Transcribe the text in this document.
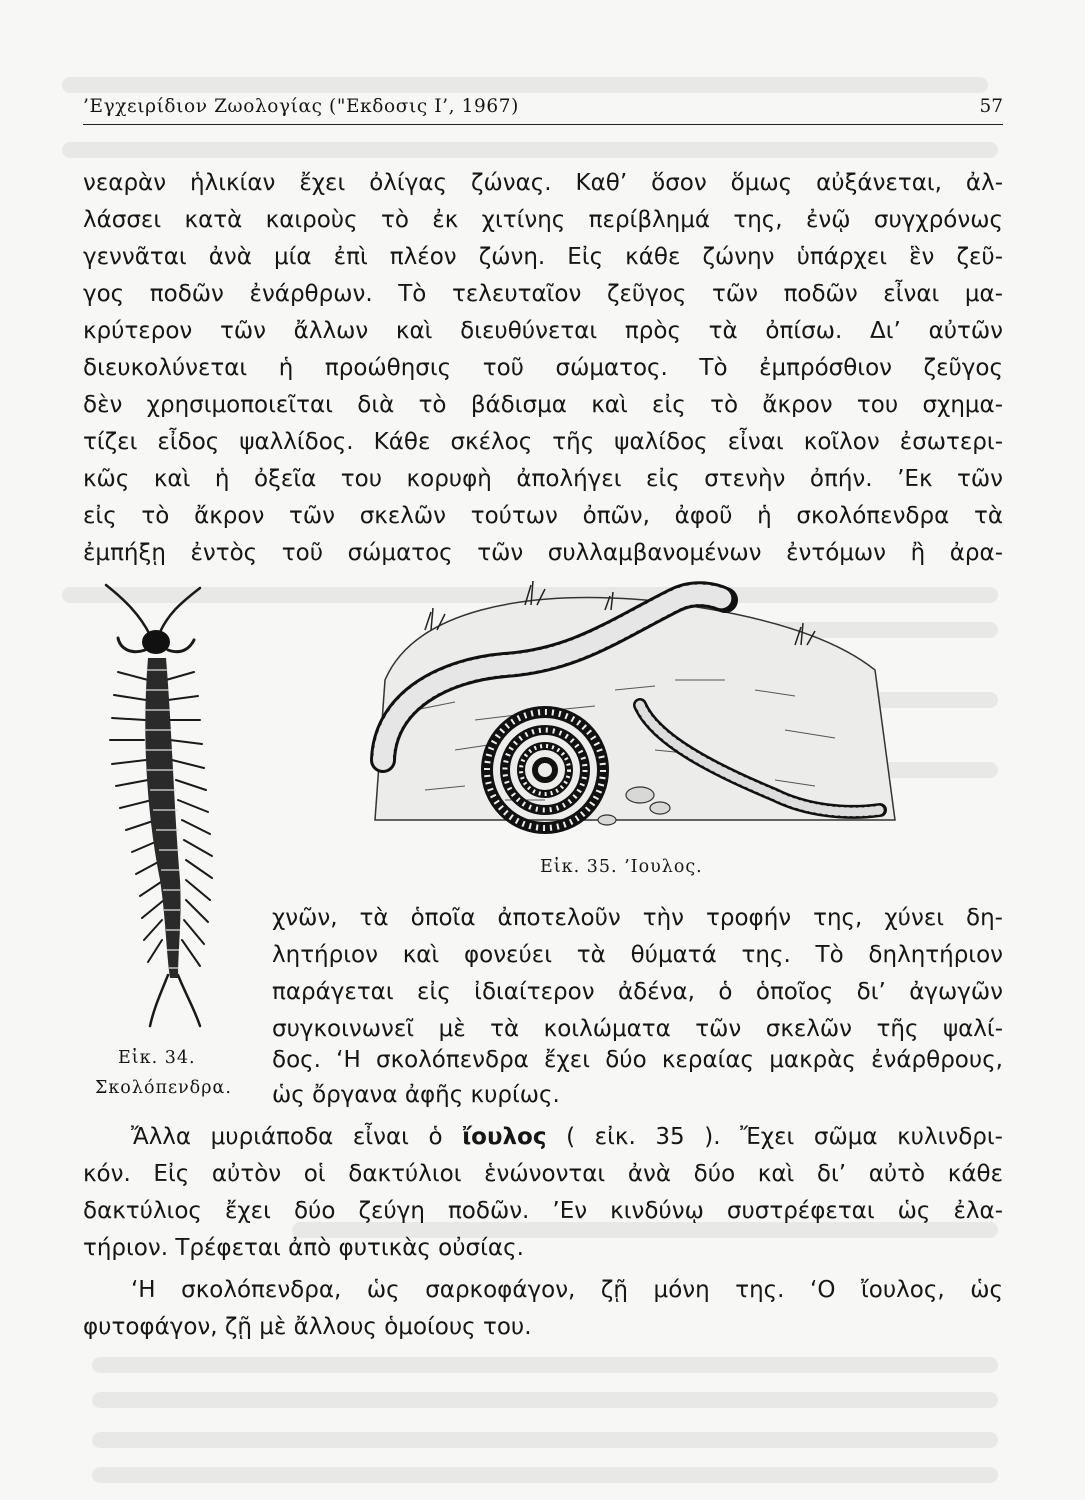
’Εγχειρίδιον Ζωολογίας ("Εκδοσις Ι’, 1967)	57
νεαρὰν ἡλικίαν ἔχει ὀλίγας ζώνας. Καθ’ ὅσον ὅμως αὐξάνεται, ἀλ-
λάσσει κατὰ καιροὺς τὸ ἐκ χιτίνης περίβλημά της, ἐνῷ συγχρόνως
γεννᾶται ἀνὰ μία ἐπὶ πλέον ζώνη. Εἰς κάθε ζώνην ὑπάρχει ἓν ζεῦ-
γος ποδῶν ἐνάρθρων. Τὸ τελευταῖον ζεῦγος τῶν ποδῶν εἶναι μα-
κρύτερον τῶν ἄλλων καὶ διευθύνεται πρὸς τὰ ὀπίσω. Δι’ αὐτῶν
διευκολύνεται ἡ προώθησις τοῦ σώματος. Τὸ ἐμπρόσθιον ζεῦγος
δὲν χρησιμοποιεῖται διὰ τὸ βάδισμα καὶ εἰς τὸ ἄκρον του σχημα-
τίζει εἶδος ψαλλίδος. Κάθε σκέλος τῆς ψαλίδος εἶναι κοῖλον ἐσωτερι-
κῶς καὶ ἡ ὀξεῖα του κορυφὴ ἀπολήγει εἰς στενὴν ὀπήν. ’Εκ τῶν
εἰς τὸ ἄκρον τῶν σκελῶν τούτων ὀπῶν, ἀφοῦ ἡ σκολόπενδρα τὰ
ἐμπήξῃ ἐντὸς τοῦ σώματος τῶν συλλαμβανομένων ἐντόμων ἢ ἀρα-
Εἰκ. 35. ’Ιουλος.
χνῶν, τὰ ὁποῖα ἀποτελοῦν τὴν τροφήν της, χύνει δη-
λητήριον καὶ φονεύει τὰ θύματά της. Τὸ δηλητήριον
παράγεται εἰς ἰδιαίτερον ἀδένα, ὁ ὁποῖος δι’ ἀγωγῶν
συγκοινωνεῖ μὲ τὰ κοιλώματα τῶν σκελῶν τῆς ψαλί-
δος. ‘Η σκολόπενδρα ἔχει δύο κεραίας μακρὰς ἐνάρθρους,
ὡς ὄργανα ἀφῆς κυρίως.
Εἰκ. 34.
Σκολόπενδρα.
Ἄλλα μυριάποδα εἶναι ὁ ἴουλος ( εἰκ. 35 ). Ἔχει σῶμα κυλινδρι-
κόν. Εἰς αὐτὸν οἱ δακτύλιοι ἑνώνονται ἀνὰ δύο καὶ δι’ αὐτὸ κάθε
δακτύλιος ἔχει δύο ζεύγη ποδῶν. ’Εν κινδύνῳ συστρέφεται ὡς ἐλα-
τήριον. Τρέφεται ἀπὸ φυτικὰς οὐσίας.
‘Η σκολόπενδρα, ὡς σαρκοφάγον, ζῇ μόνη της. ‘Ο ἴουλος, ὡς
φυτοφάγον, ζῇ μὲ ἄλλους ὁμοίους του.
